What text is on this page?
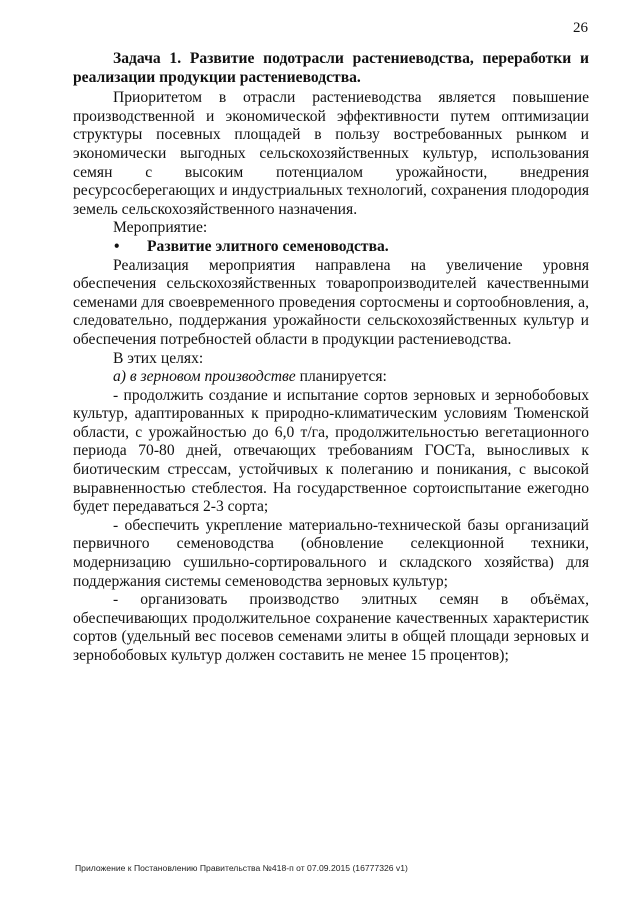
26

Задача 1. Развитие подотрасли растениеводства, переработки и реализации продукции растениеводства.

Приоритетом в отрасли растениеводства является повышение производственной и экономической эффективности путем оптимизации структуры посевных площадей в пользу востребованных рынком и экономически выгодных сельскохозяйственных культур, использования семян с высоким потенциалом урожайности, внедрения ресурсосберегающих и индустриальных технологий, сохранения плодородия земель сельскохозяйственного назначения.

Мероприятие:

• Развитие элитного семеноводства.

Реализация мероприятия направлена на увеличение уровня обеспечения сельскохозяйственных товаропроизводителей качественными семенами для своевременного проведения сортосмены и сортообновления, а, следовательно, поддержания урожайности сельскохозяйственных культур и обеспечения потребностей области в продукции растениеводства.

В этих целях:

а) в зерновом производстве планируется:

- продолжить создание и испытание сортов зерновых и зернобобовых культур, адаптированных к природно-климатическим условиям Тюменской области, с урожайностью до 6,0 т/га, продолжительностью вегетационного периода 70-80 дней, отвечающих требованиям ГОСТа, выносливых к биотическим стрессам, устойчивых к полеганию и поникания, с высокой выравненностью стеблестоя. На государственное сортоиспытание ежегодно будет передаваться 2-3 сорта;

- обеспечить укрепление материально-технической базы организаций первичного семеноводства (обновление селекционной техники, модернизацию сушильно-сортировального и складского хозяйства) для поддержания системы семеноводства зерновых культур;

- организовать производство элитных семян в объёмах, обеспечивающих продолжительное сохранение качественных характеристик сортов (удельный вес посевов семенами элиты в общей площади зерновых и зернобобовых культур должен составить не менее 15 процентов);

Приложение к Постановлению Правительства №418-п от 07.09.2015 (16777326 v1)
